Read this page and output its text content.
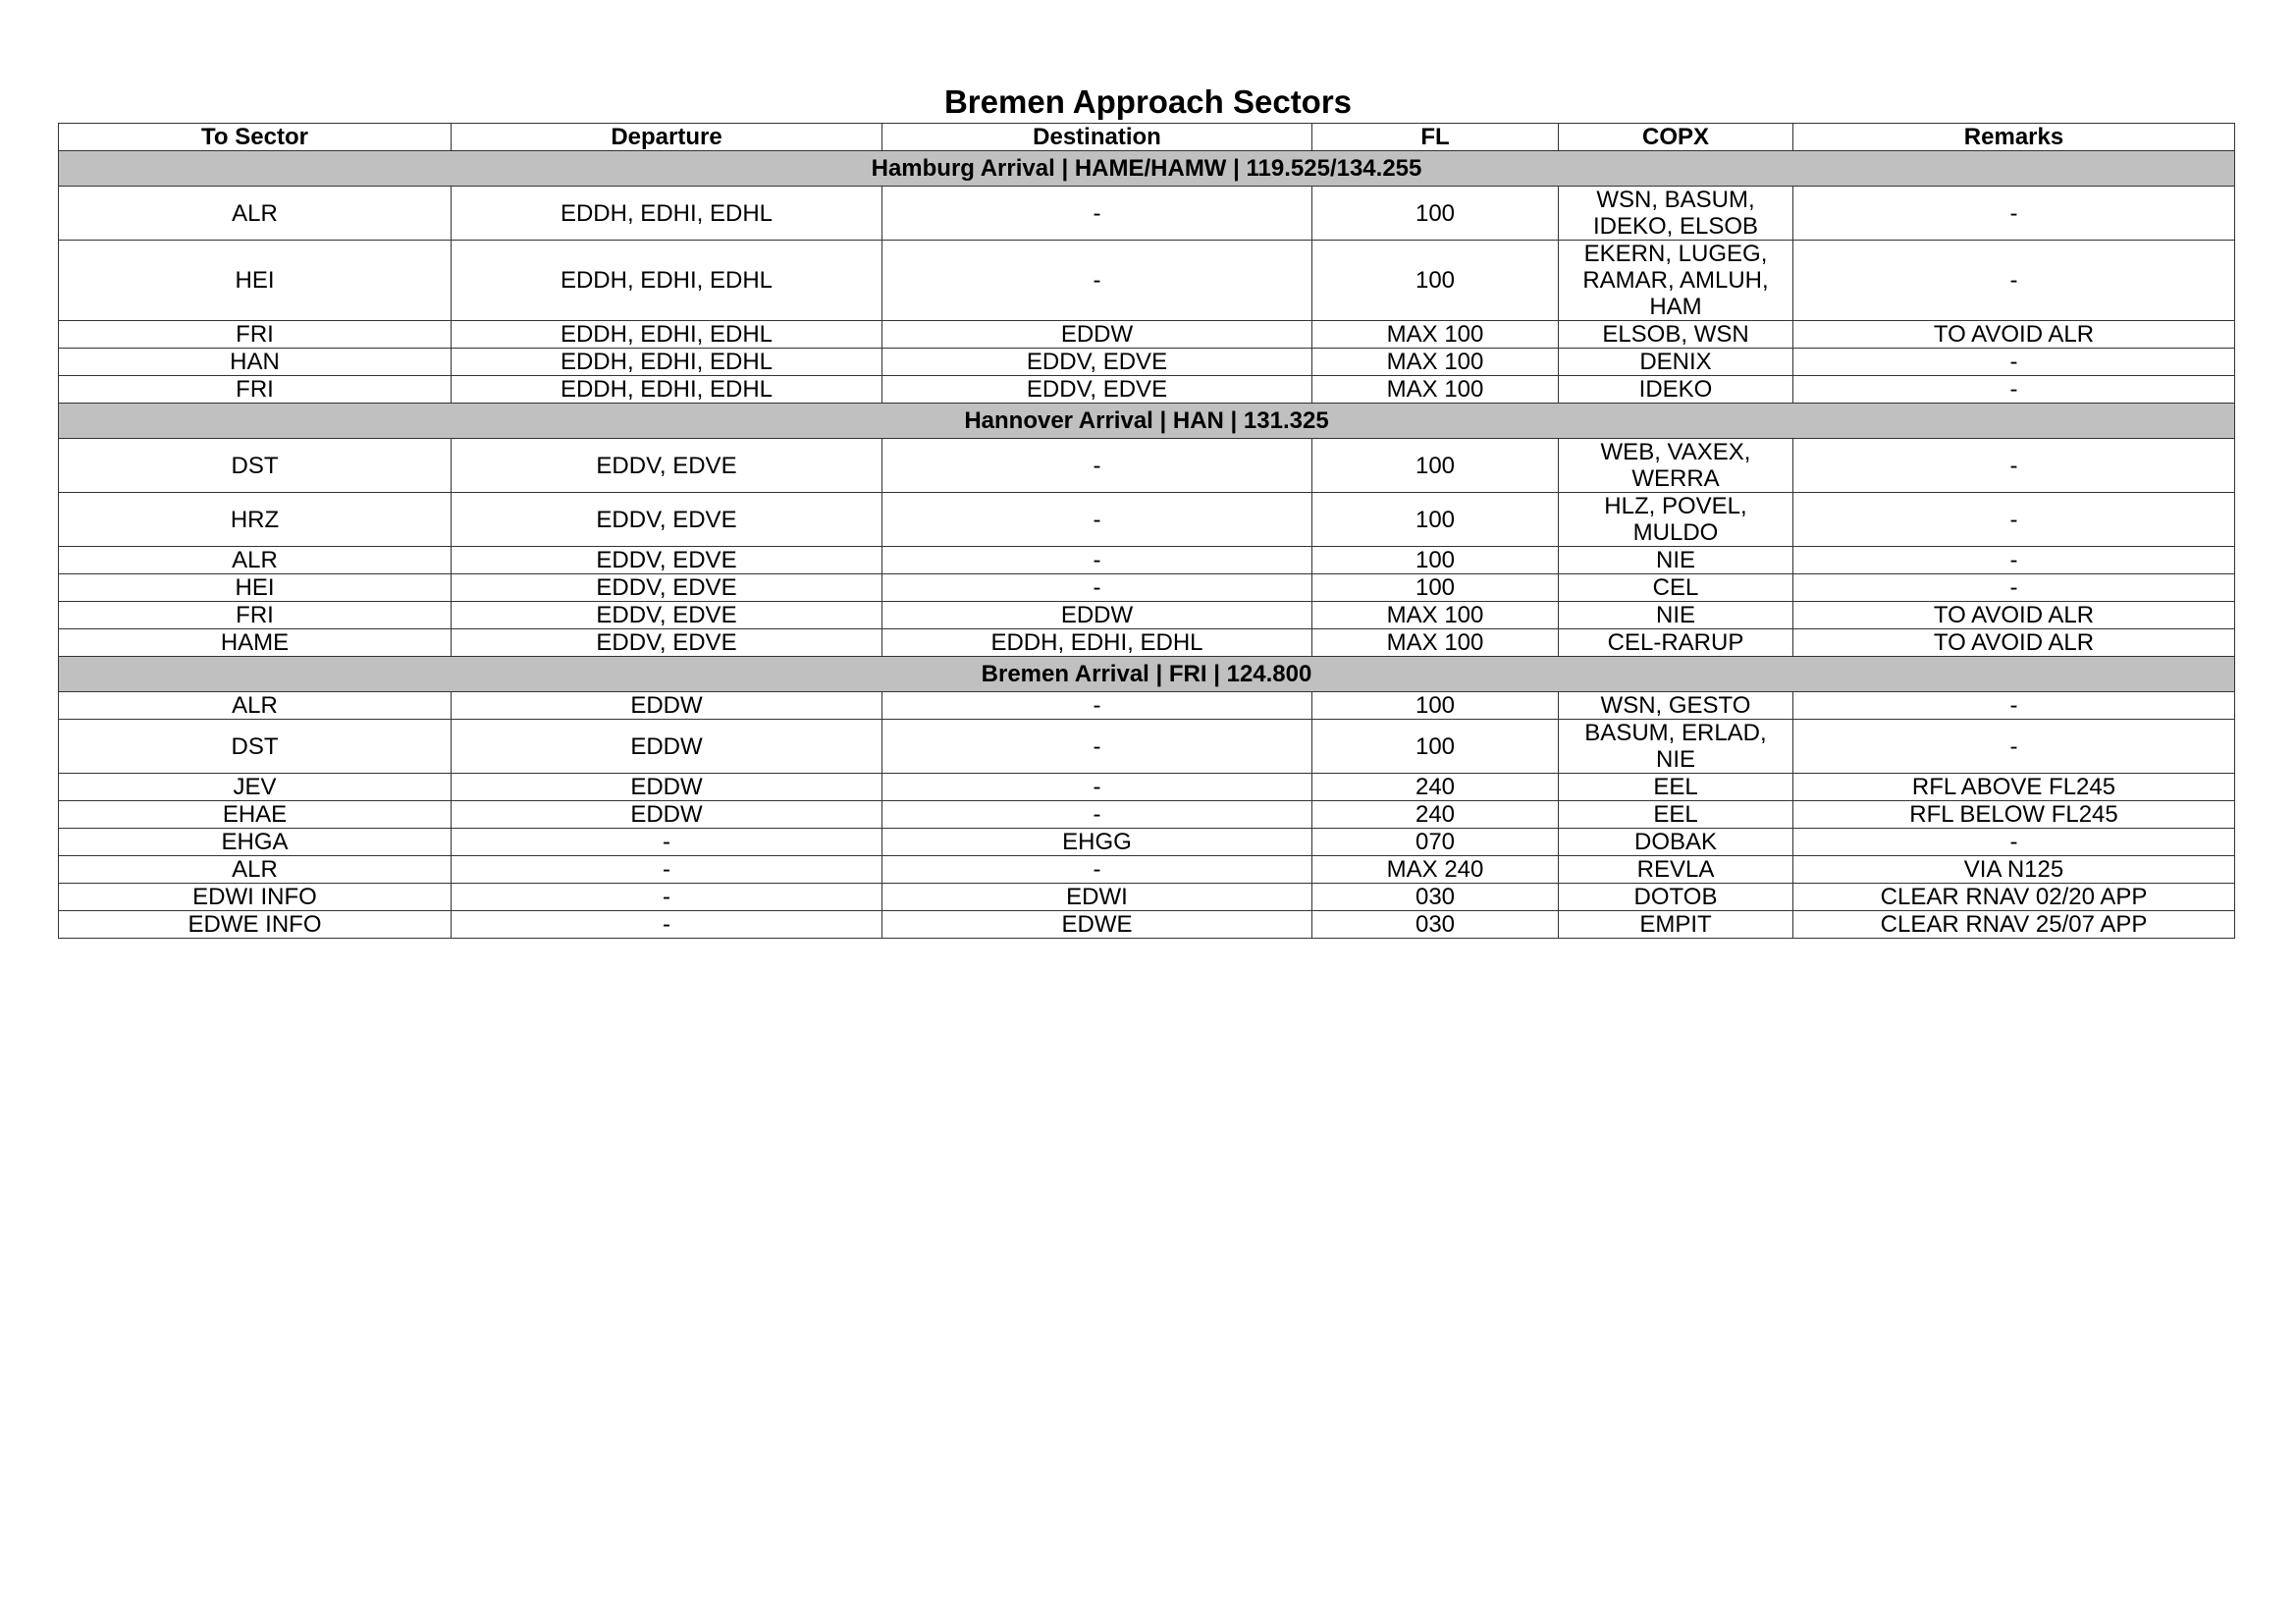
Bremen Approach Sectors
To Sector	Departure	Destination	FL	COPX	Remarks
Hamburg Arrival | HAME/HAMW | 119.525/134.255					
ALR	EDDH, EDHI, EDHL	-	100	WSN, BASUM, IDEKO, ELSOB	-
HEI	EDDH, EDHI, EDHL	-	100	EKERN, LUGEG, RAMAR, AMLUH, HAM	-
FRI	EDDH, EDHI, EDHL	EDDW	MAX 100	ELSOB, WSN	TO AVOID ALR
HAN	EDDH, EDHI, EDHL	EDDV, EDVE	MAX 100	DENIX	-
FRI	EDDH, EDHI, EDHL	EDDV, EDVE	MAX 100	IDEKO	-
Hannover Arrival | HAN | 131.325					
DST	EDDV, EDVE	-	100	WEB, VAXEX, WERRA	-
HRZ	EDDV, EDVE	-	100	HLZ, POVEL, MULDO	-
ALR	EDDV, EDVE	-	100	NIE	-
HEI	EDDV, EDVE	-	100	CEL	-
FRI	EDDV, EDVE	EDDW	MAX 100	NIE	TO AVOID ALR
HAME	EDDV, EDVE	EDDH, EDHI, EDHL	MAX 100	CEL-RARUP	TO AVOID ALR
Bremen Arrival | FRI | 124.800					
ALR	EDDW	-	100	WSN, GESTO	-
DST	EDDW	-	100	BASUM, ERLAD, NIE	-
JEV	EDDW	-	240	EEL	RFL ABOVE FL245
EHAE	EDDW	-	240	EEL	RFL BELOW FL245
EHGA	-	EHGG	070	DOBAK	-
ALR	-	-	MAX 240	REVLA	VIA N125
EDWI INFO	-	EDWI	030	DOTOB	CLEAR RNAV 02/20 APP
EDWE INFO	-	EDWE	030	EMPIT	CLEAR RNAV 25/07 APP
